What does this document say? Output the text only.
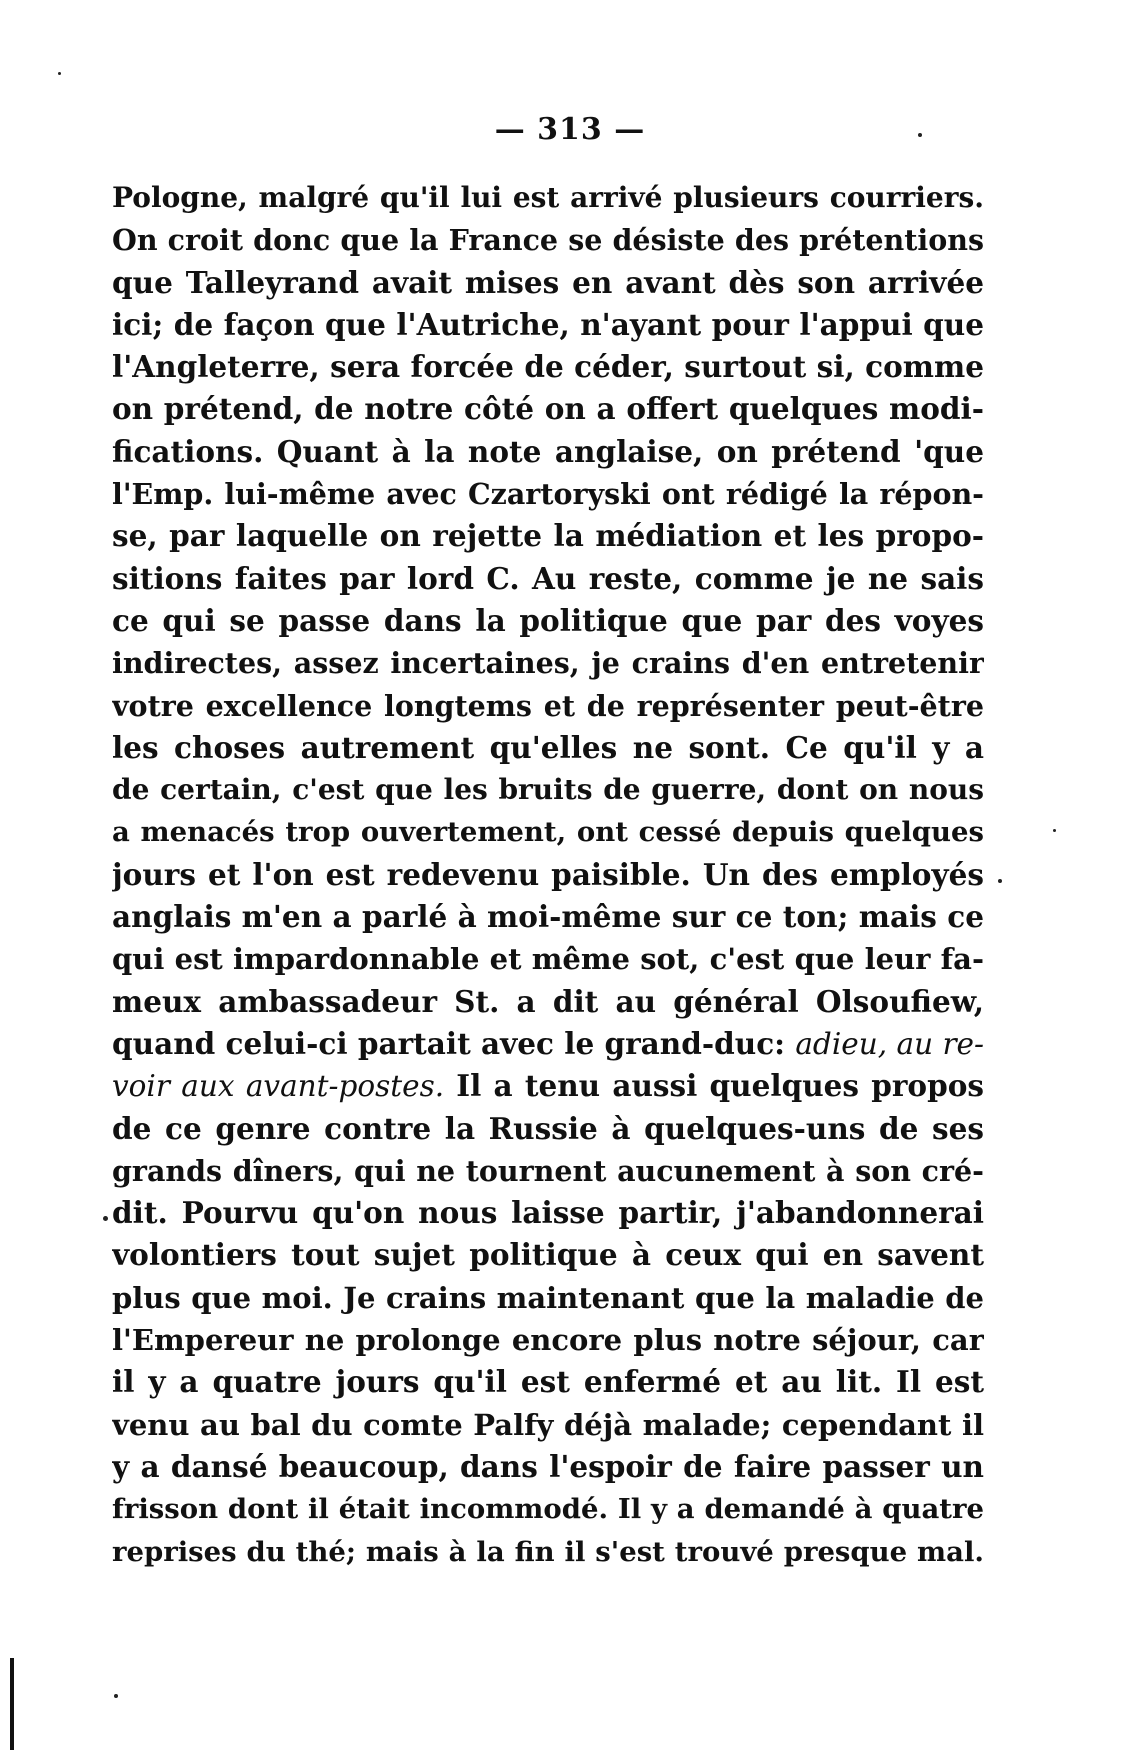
— 313 —
Pologne, malgré qu'il lui est arrivé plusieurs courriers.
On croit donc que la France se désiste des prétentions
que Talleyrand avait mises en avant dès son arrivée
ici; de façon que l'Autriche, n'ayant pour l'appui que
l'Angleterre, sera forcée de céder, surtout si, comme
on prétend, de notre côté on a offert quelques modi-
fications. Quant à la note anglaise, on prétend 'que
l'Emp. lui-même avec Czartoryski ont rédigé la répon-
se, par laquelle on rejette la médiation et les propo-
sitions faites par lord C. Au reste, comme je ne sais
ce qui se passe dans la politique que par des voyes
indirectes, assez incertaines, je crains d'en entretenir
votre excellence longtems et de représenter peut-être
les choses autrement qu'elles ne sont. Ce qu'il y a
de certain, c'est que les bruits de guerre, dont on nous
a menacés trop ouvertement, ont cessé depuis quelques
jours et l'on est redevenu paisible. Un des employés
anglais m'en a parlé à moi-même sur ce ton; mais ce
qui est impardonnable et même sot, c'est que leur fa-
meux ambassadeur St. a dit au général Olsoufiew,
quand celui-ci partait avec le grand-duc: adieu, au re-
voir aux avant-postes. Il a tenu aussi quelques propos
de ce genre contre la Russie à quelques-uns de ses
grands dîners, qui ne tournent aucunement à son cré-
dit. Pourvu qu'on nous laisse partir, j'abandonnerai
volontiers tout sujet politique à ceux qui en savent
plus que moi. Je crains maintenant que la maladie de
l'Empereur ne prolonge encore plus notre séjour, car
il y a quatre jours qu'il est enfermé et au lit. Il est
venu au bal du comte Palfy déjà malade; cependant il
y a dansé beaucoup, dans l'espoir de faire passer un
frisson dont il était incommodé. Il y a demandé à quatre
reprises du thé; mais à la fin il s'est trouvé presque mal.
